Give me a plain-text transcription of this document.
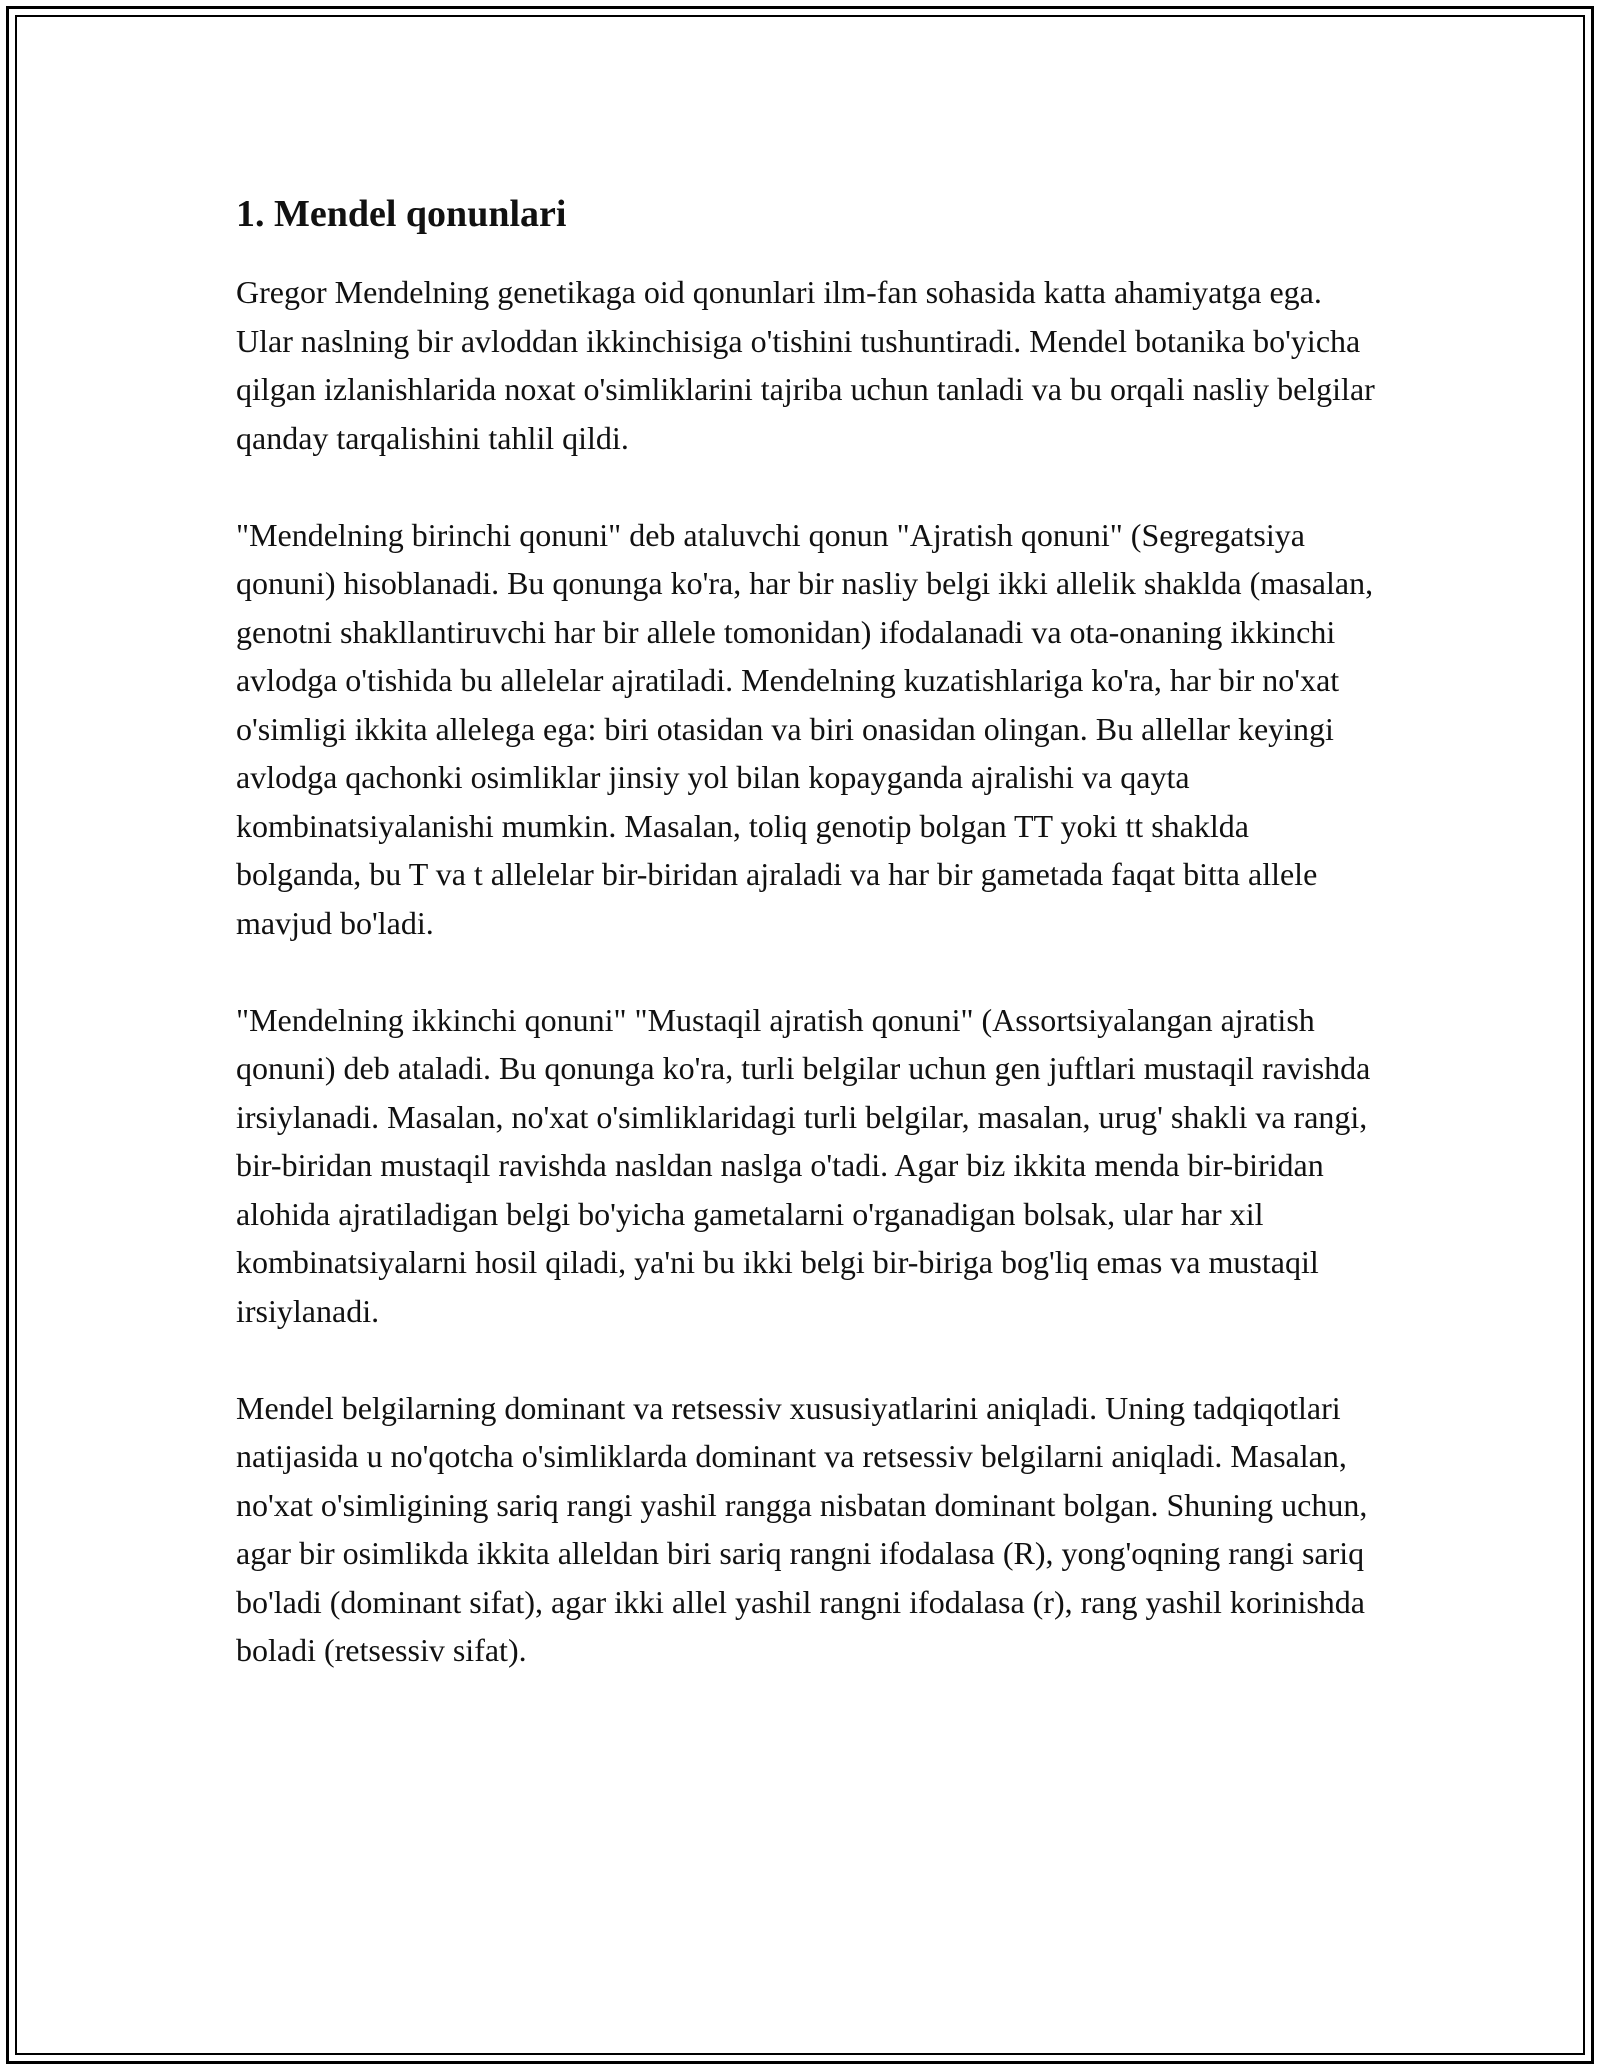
1. Mendel qonunlari

Gregor Mendelning genetikaga oid qonunlari ilm-fan sohasida katta ahamiyatga ega. Ular naslning bir avloddan ikkinchisiga o'tishini tushuntiradi. Mendel botanika bo'yicha qilgan izlanishlarida noxat o'simliklarini tajriba uchun tanladi va bu orqali nasliy belgilar qanday tarqalishini tahlil qildi.

"Mendelning birinchi qonuni" deb ataluvchi qonun "Ajratish qonuni" (Segregatsiya qonuni) hisoblanadi. Bu qonunga ko'ra, har bir nasliy belgi ikki allelik shaklda (masalan, genotni shakllantiruvchi har bir allele tomonidan) ifodalanadi va ota-onaning ikkinchi avlodga o'tishida bu allelelar ajratiladi. Mendelning kuzatishlariga ko'ra, har bir no'xat o'simligi ikkita allelega ega: biri otasidan va biri onasidan olingan. Bu allellar keyingi avlodga qachonki osimliklar jinsiy yol bilan kopayganda ajralishi va qayta kombinatsiyalanishi mumkin. Masalan, toliq genotip bolgan TT yoki tt shaklda bolganda, bu T va t allelelar bir-biridan ajraladi va har bir gametada faqat bitta allele mavjud bo'ladi.

"Mendelning ikkinchi qonuni" "Mustaqil ajratish qonuni" (Assortsiyalangan ajratish qonuni) deb ataladi. Bu qonunga ko'ra, turli belgilar uchun gen juftlari mustaqil ravishda irsiylanadi. Masalan, no'xat o'simliklaridagi turli belgilar, masalan, urug' shakli va rangi, bir-biridan mustaqil ravishda nasldan naslga o'tadi. Agar biz ikkita menda bir-biridan alohida ajratiladigan belgi bo'yicha gametalarni o'rganadigan bolsak, ular har xil kombinatsiyalarni hosil qiladi, ya'ni bu ikki belgi bir-biriga bog'liq emas va mustaqil irsiylanadi.

Mendel belgilarning dominant va retsessiv xususiyatlarini aniqladi. Uning tadqiqotlari natijasida u no'qotcha o'simliklarda dominant va retsessiv belgilarni aniqladi. Masalan, no'xat o'simligining sariq rangi yashil rangga nisbatan dominant bolgan. Shuning uchun, agar bir osimlikda ikkita alleldan biri sariq rangni ifodalasa (R), yong'oqning rangi sariq bo'ladi (dominant sifat), agar ikki allel yashil rangni ifodalasa (r), rang yashil korinishda boladi (retsessiv sifat).
